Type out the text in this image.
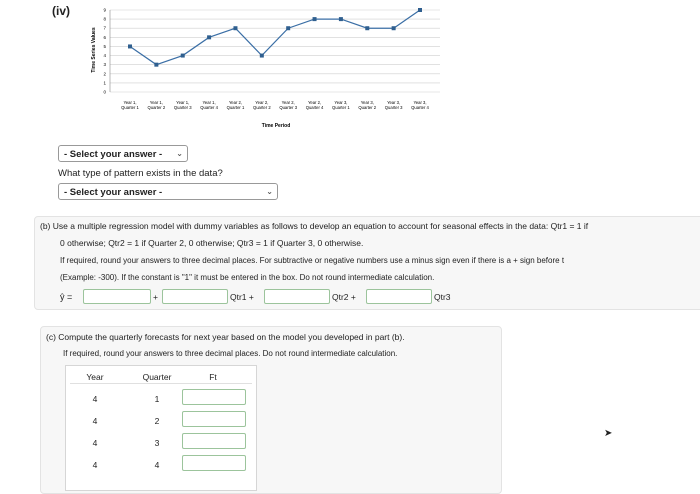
(iv)
0
1
2
3
4
5
6
7
8
9
Year 1, Quarter 1
Year 1, Quarter 2
Year 1, Quarter 3
Year 1, Quarter 4
Year 2, Quarter 1
Year 2, Quarter 2
Year 2, Quarter 3
Year 2, Quarter 4
Year 3, Quarter 1
Year 3, Quarter 2
Year 3, Quarter 3
Year 3, Quarter 4
Time Series Values
Time Period
- Select your answer - ⌄
What type of pattern exists in the data?
- Select your answer -	⌄

(b) Use a multiple regression model with dummy variables as follows to develop an equation to account for seasonal effects in the data: Qtr1 = 1 if

0 otherwise; Qtr2 = 1 if Quarter 2, 0 otherwise; Qtr3 = 1 if Quarter 3, 0 otherwise.

If required, round your answers to three decimal places. For subtractive or negative numbers use a minus sign even if there is a + sign before t

(Example: -300). If the constant is "1" it must be entered in the box. Do not round intermediate calculation.

ŷ =	+	Qtr1 +	Qtr2 +	Qtr3

(c) Compute the quarterly forecasts for next year based on the model you developed in part (b).

If required, round your answers to three decimal places. Do not round intermediate calculation.

Year	Quarter	Ft
4	1
4	2
4	3
4	4
➤
